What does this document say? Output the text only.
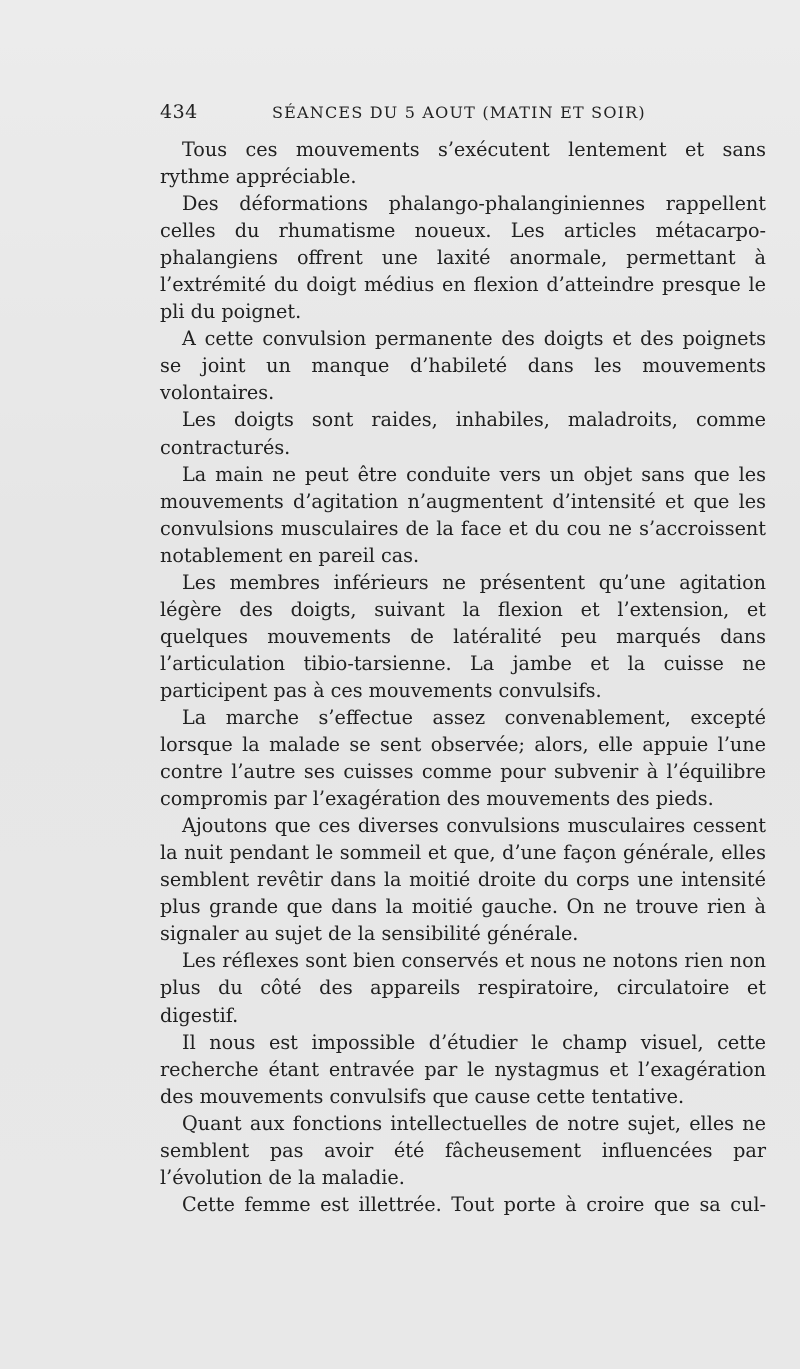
434	SÉANCES DU 5 AOUT (MATIN ET SOIR)

Tous ces mouvements s’exécutent lentement et sans rythme appréciable.

Des déformations phalango-phalanginiennes rappellent celles du rhumatisme noueux. Les articles métacarpo-phalangiens offrent une laxité anormale, permettant à l’extrémité du doigt médius en flexion d’atteindre presque le pli du poignet.

A cette convulsion permanente des doigts et des poignets se joint un manque d’habileté dans les mouvements volontaires.

Les doigts sont raides, inhabiles, maladroits, comme contracturés.

La main ne peut être conduite vers un objet sans que les mouvements d’agitation n’augmentent d’intensité et que les convulsions musculaires de la face et du cou ne s’accroissent notablement en pareil cas.

Les membres inférieurs ne présentent qu’une agitation légère des doigts, suivant la flexion et l’extension, et quelques mouvements de latéralité peu marqués dans l’articulation tibio-tarsienne. La jambe et la cuisse ne participent pas à ces mouvements convulsifs.

La marche s’effectue assez convenablement, excepté lorsque la malade se sent observée; alors, elle appuie l’une contre l’autre ses cuisses comme pour subvenir à l’équilibre compromis par l’exagération des mouvements des pieds.

Ajoutons que ces diverses convulsions musculaires cessent la nuit pendant le sommeil et que, d’une façon générale, elles semblent revêtir dans la moitié droite du corps une intensité plus grande que dans la moitié gauche. On ne trouve rien à signaler au sujet de la sensibilité générale.

Les réflexes sont bien conservés et nous ne notons rien non plus du côté des appareils respiratoire, circulatoire et digestif.

Il nous est impossible d’étudier le champ visuel, cette recherche étant entravée par le nystagmus et l’exagération des mouvements convulsifs que cause cette tentative.

Quant aux fonctions intellectuelles de notre sujet, elles ne semblent pas avoir été fâcheusement influencées par l’évolution de la maladie.

Cette femme est illettrée. Tout porte à croire que sa cul-
